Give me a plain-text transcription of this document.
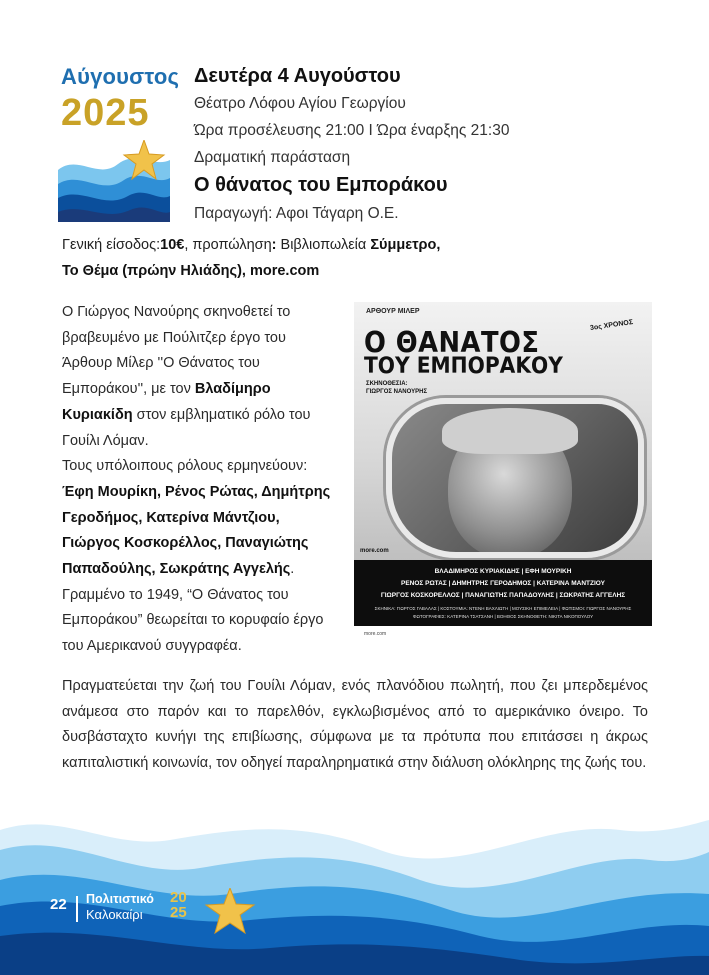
Αύγουστος
2025
Δευτέρα 4 Αυγούστου
Θέατρο Λόφου Αγίου Γεωργίου
Ώρα προσέλευσης 21:00 Ι Ώρα έναρξης 21:30
Δραματική παράσταση
Ο θάνατος του Εμποράκου
Παραγωγή: Αφοι Τάγαρη Ο.Ε.
Γενική είσοδος:10€, προπώληση: Βιβλιοπωλεία Σύμμετρο,
Το Θέμα (πρώην Ηλιάδης), more.com
Ο Γιώργος Νανούρης σκηνοθετεί το βραβευμένο με Πούλιτζερ έργο του Άρθουρ Μίλερ ''Ο Θάνατος του Εμποράκου'', με τον Βλαδίμηρο Κυριακίδη στον εμβληματικό ρόλο του Γουίλι Λόμαν.
Τους υπόλοιπους ρόλους ερμηνεύουν: Έφη Μουρίκη, Ρένος Ρώτας, Δημήτρης Γεροδήμος, Κατερίνα Μάντζιου, Γιώργος Κοσκορέλλος, Παναγιώτης Παπαδούλης, Σωκράτης Αγγελής.
Γραμμένο το 1949, “Ο Θάνατος του Εμποράκου” θεωρείται το κορυφαίο έργο του Αμερικανού συγγραφέα.
Πραγματεύεται την ζωή του Γουίλι Λόμαν, ενός πλανόδιου πωλητή, που ζει μπερδεμένος ανάμεσα στο παρόν και το παρελθόν, εγκλωβισμένος από το αμερικάνικο όνειρο. Το δυσβάσταχτο κυνήγι της επιβίωσης, σύμφωνα με τα πρότυπα που επιτάσσει η άκρως καπιταλιστική κοινωνία, τον οδηγεί παραληρηματικά στην διάλυση ολόκληρης της ζωής του.
ΑΡΘΟΥΡ ΜΙΛΕΡ
Ο ΘΑΝΑΤΟΣ
ΤΟΥ ΕΜΠΟΡΑΚΟΥ
3ος ΧΡΟΝΟΣ
ΣΚΗΝΟΘΕΣΙΑ:
ΓΙΩΡΓΟΣ ΝΑΝΟΥΡΗΣ
more.com
ΒΛΑΔΙΜΗΡΟΣ ΚΥΡΙΑΚΙΔΗΣ | ΕΦΗ ΜΟΥΡΙΚΗ
ΡΕΝΟΣ ΡΩΤΑΣ | ΔΗΜΗΤΡΗΣ ΓΕΡΟΔΗΜΟΣ | ΚΑΤΕΡΙΝΑ ΜΑΝΤΖΙΟΥ
ΓΙΩΡΓΟΣ ΚΟΣΚΟΡΕΛΛΟΣ | ΠΑΝΑΓΙΩΤΗΣ ΠΑΠΑΔΟΥΛΗΣ | ΣΩΚΡΑΤΗΣ ΑΓΓΕΛΗΣ
ΣΚΗΝΙΚΑ: ΓΙΩΡΓΟΣ ΓΑΒΑΛΑΣ | ΚΟΣΤΟΥΜΙΑ: ΝΤΕΝΗ ΒΑΧΛΙΩΤΗ | ΜΟΥΣΙΚΗ ΕΠΙΜΕΛΕΙΑ | ΦΩΤΙΣΜΟΙ: ΓΙΩΡΓΟΣ ΝΑΝΟΥΡΗΣ
ΦΩΤΟΓΡΑΦΙΕΣ: ΚΑΤΕΡΙΝΑ ΤΣΑΤΣΑΝΗ | ΒΟΗΘΟΣ ΣΚΗΝΟΘΕΤΗ: ΝΙΚΙΤΑ ΝΙΚΟΠΟΥΛΟΥ
more.com
22 Πολιτιστικό
Καλοκαίρι
20
25
